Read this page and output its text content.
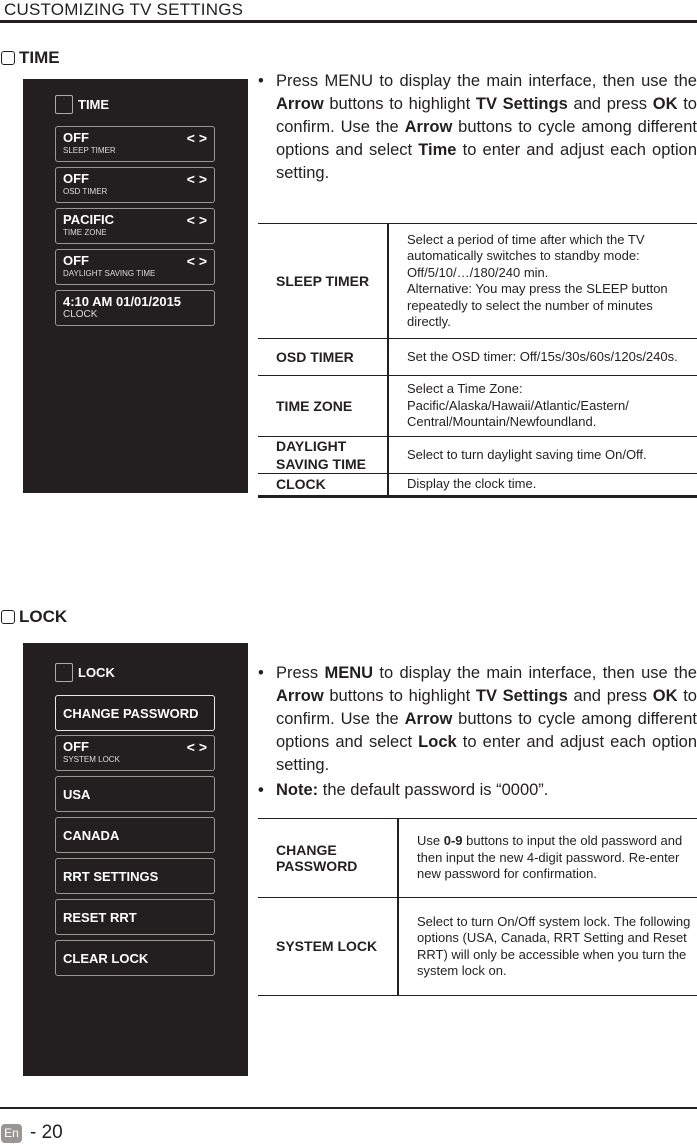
CUSTOMIZING TV SETTINGS
TIME
TIME
OFF
SLEEP TIMER
< >
OFF
OSD TIMER
< >
PACIFIC
TIME ZONE
< >
OFF
DAYLIGHT SAVING TIME
< >
4:10 AM 01/01/2015
CLOCK
• Press MENU to display the main interface, then use the Arrow buttons to highlight TV Settings and press OK to confirm. Use the Arrow buttons to cycle among different options and select Time to enter and adjust each option setting.
SLEEP TIMER	Select a period of time after which the TV automatically switches to standby mode: Off/5/10/…/180/240 min.
Alternative: You may press the SLEEP button repeatedly to select the number of minutes directly.

OSD TIMER	Set the OSD timer: Off/15s/30s/60s/120s/240s.
TIME ZONE	Select a Time Zone: Pacific/Alaska/Hawaii/Atlantic/Eastern/ Central/Mountain/Newfoundland.
DAYLIGHT SAVING TIME	Select to turn daylight saving time On/Off.
CLOCK	Display the clock time.
LOCK
LOCK
CHANGE PASSWORD
OFF
SYSTEM LOCK
< >
USA
CANADA
RRT SETTINGS
RESET RRT
CLEAR LOCK
• Press MENU to display the main interface, then use the Arrow buttons to highlight TV Settings and press OK to confirm. Use the Arrow buttons to cycle among different options and select Lock to enter and adjust each option setting.
• Note: the default password is “0000”.
CHANGE PASSWORD	Use 0-9 buttons to input the old password and then input the new 4-digit password. Re-enter new password for confirmation.
SYSTEM LOCK	Select to turn On/Off system lock. The following options (USA, Canada, RRT Setting and Reset RRT) will only be accessible when you turn the system lock on.
En - 20
